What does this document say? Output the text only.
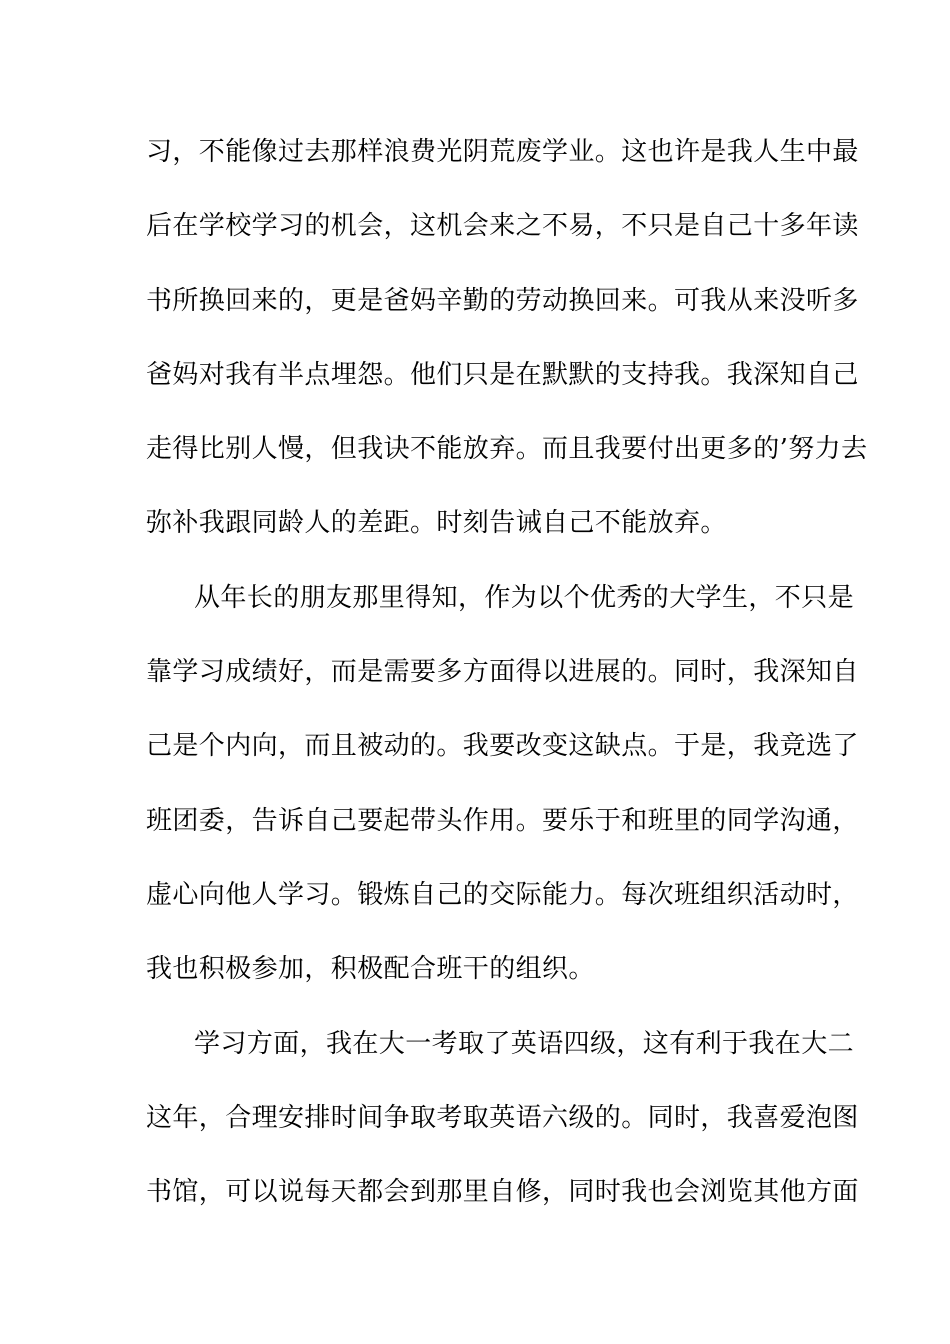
习，不能像过去那样浪费光阴荒废学业。这也许是我人生中最
后在学校学习的机会，这机会来之不易，不只是自己十多年读
书所换回来的，更是爸妈辛勤的劳动换回来。可我从来没听多
爸妈对我有半点埋怨。他们只是在默默的支持我。我深知自己
走得比别人慢，但我诀不能放弃。而且我要付出更多的’努力去
弥补我跟同龄人的差距。时刻告诫自己不能放弃。
从年长的朋友那里得知，作为以个优秀的大学生，不只是
靠学习成绩好，而是需要多方面得以进展的。同时，我深知自
己是个内向，而且被动的。我要改变这缺点。于是，我竞选了
班团委，告诉自己要起带头作用。要乐于和班里的同学沟通，
虚心向他人学习。锻炼自己的交际能力。每次班组织活动时，
我也积极参加，积极配合班干的组织。
学习方面，我在大一考取了英语四级，这有利于我在大二
这年，合理安排时间争取考取英语六级的。同时，我喜爱泡图
书馆，可以说每天都会到那里自修，同时我也会浏览其他方面
